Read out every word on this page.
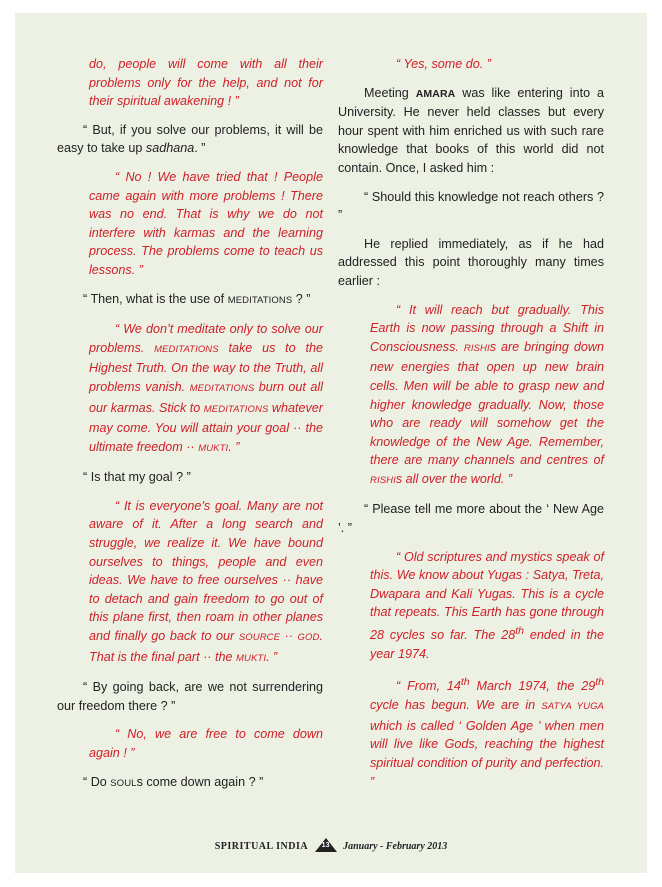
do, people will come with all their problems only for the help, and not for their spiritual awakening ! ”

“ But, if you solve our problems, it will be easy to take up sadhana. ”

“ No ! We have tried that ! People came again with more problems ! There was no end. That is why we do not interfere with karmas and the learning process. The problems come to teach us lessons. ”

“ Then, what is the use of MEDITATIONS ? ”

“ We don’t meditate only to solve our problems. MEDITATIONS take us to the Highest Truth. On the way to the Truth, all problems vanish. MEDITATIONS burn out all our karmas. Stick to MEDITATIONS whatever may come. You will attain your goal ·· the ultimate freedom ·· MUKTI. ”

“ Is that my goal ? ”

“ It is everyone’s goal. Many are not aware of it. After a long search and struggle, we realize it. We have bound ourselves to things, people and even ideas. We have to free ourselves ·· have to detach and gain freedom to go out of this plane first, then roam in other planes and finally go back to our SOURCE ·· GOD. That is the final part ·· the MUKTI. ”

“ By going back, are we not surrendering our freedom there ? ”

“ No, we are free to come down again ! ”

“ Do SOULs come down again ? ”

“ Yes, some do. ”

Meeting AMARA was like entering into a University. He never held classes but every hour spent with him enriched us with such rare knowledge that books of this world did not contain. Once, I asked him :

“ Should this knowledge not reach others ? ”

He replied immediately, as if he had addressed this point thoroughly many times earlier :

“ It will reach but gradually. This Earth is now passing through a Shift in Consciousness. RISHIs are bringing down new energies that open up new brain cells. Men will be able to grasp new and higher knowledge gradually. Now, those who are ready will somehow get the knowledge of the New Age. Remember, there are many channels and centres of RISHIs all over the world. ”

“ Please tell me more about the ‘ New Age ’. ”

“ Old scriptures and mystics speak of this. We know about Yugas : Satya, Treta, Dwapara and Kali Yugas. This is a cycle that repeats. This Earth has gone through 28 cycles so far. The 28th ended in the year 1974.

“ From, 14th March 1974, the 29th cycle has begun. We are in SATYA YUGA which is called ‘ Golden Age ’ when men will live like Gods, reaching the highest spiritual condition of purity and perfection. ”

SPIRITUAL INDIA	13	January - February 2013
